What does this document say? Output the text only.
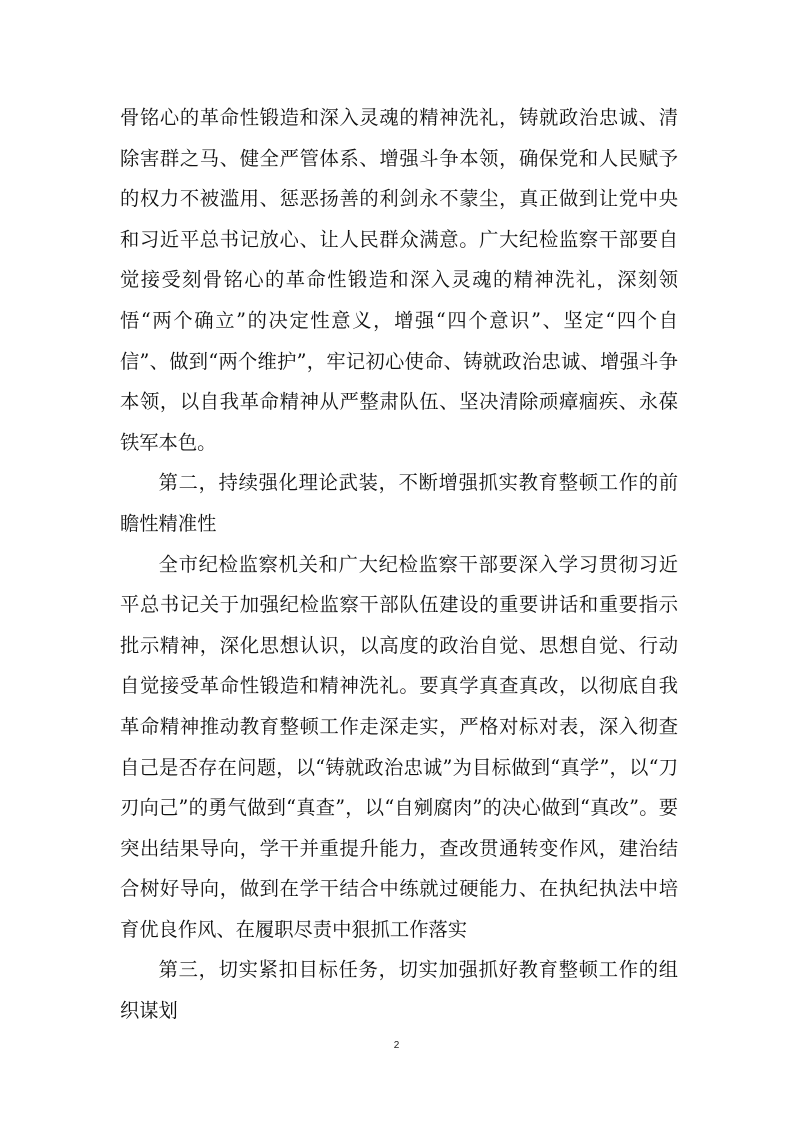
骨铭心的革命性锻造和深入灵魂的精神洗礼，铸就政治忠诚、清除害群之马、健全严管体系、增强斗争本领，确保党和人民赋予的权力不被滥用、惩恶扬善的利剑永不蒙尘，真正做到让党中央和习近平总书记放心、让人民群众满意。广大纪检监察干部要自觉接受刻骨铭心的革命性锻造和深入灵魂的精神洗礼，深刻领悟“两个确立”的决定性意义，增强“四个意识”、坚定“四个自信”、做到“两个维护”，牢记初心使命、铸就政治忠诚、增强斗争本领，以自我革命精神从严整肃队伍、坚决清除顽瘴痼疾、永葆铁军本色。

第二，持续强化理论武装，不断增强抓实教育整顿工作的前瞻性精准性

全市纪检监察机关和广大纪检监察干部要深入学习贯彻习近平总书记关于加强纪检监察干部队伍建设的重要讲话和重要指示批示精神，深化思想认识，以高度的政治自觉、思想自觉、行动自觉接受革命性锻造和精神洗礼。要真学真查真改，以彻底自我革命精神推动教育整顿工作走深走实，严格对标对表，深入彻查自己是否存在问题，以“铸就政治忠诚”为目标做到“真学”，以“刀刃向己”的勇气做到“真查”，以“自剜腐肉”的决心做到“真改”。要突出结果导向，学干并重提升能力，查改贯通转变作风，建治结合树好导向，做到在学干结合中练就过硬能力、在执纪执法中培育优良作风、在履职尽责中狠抓工作落实

第三，切实紧扣目标任务，切实加强抓好教育整顿工作的组织谋划

2
